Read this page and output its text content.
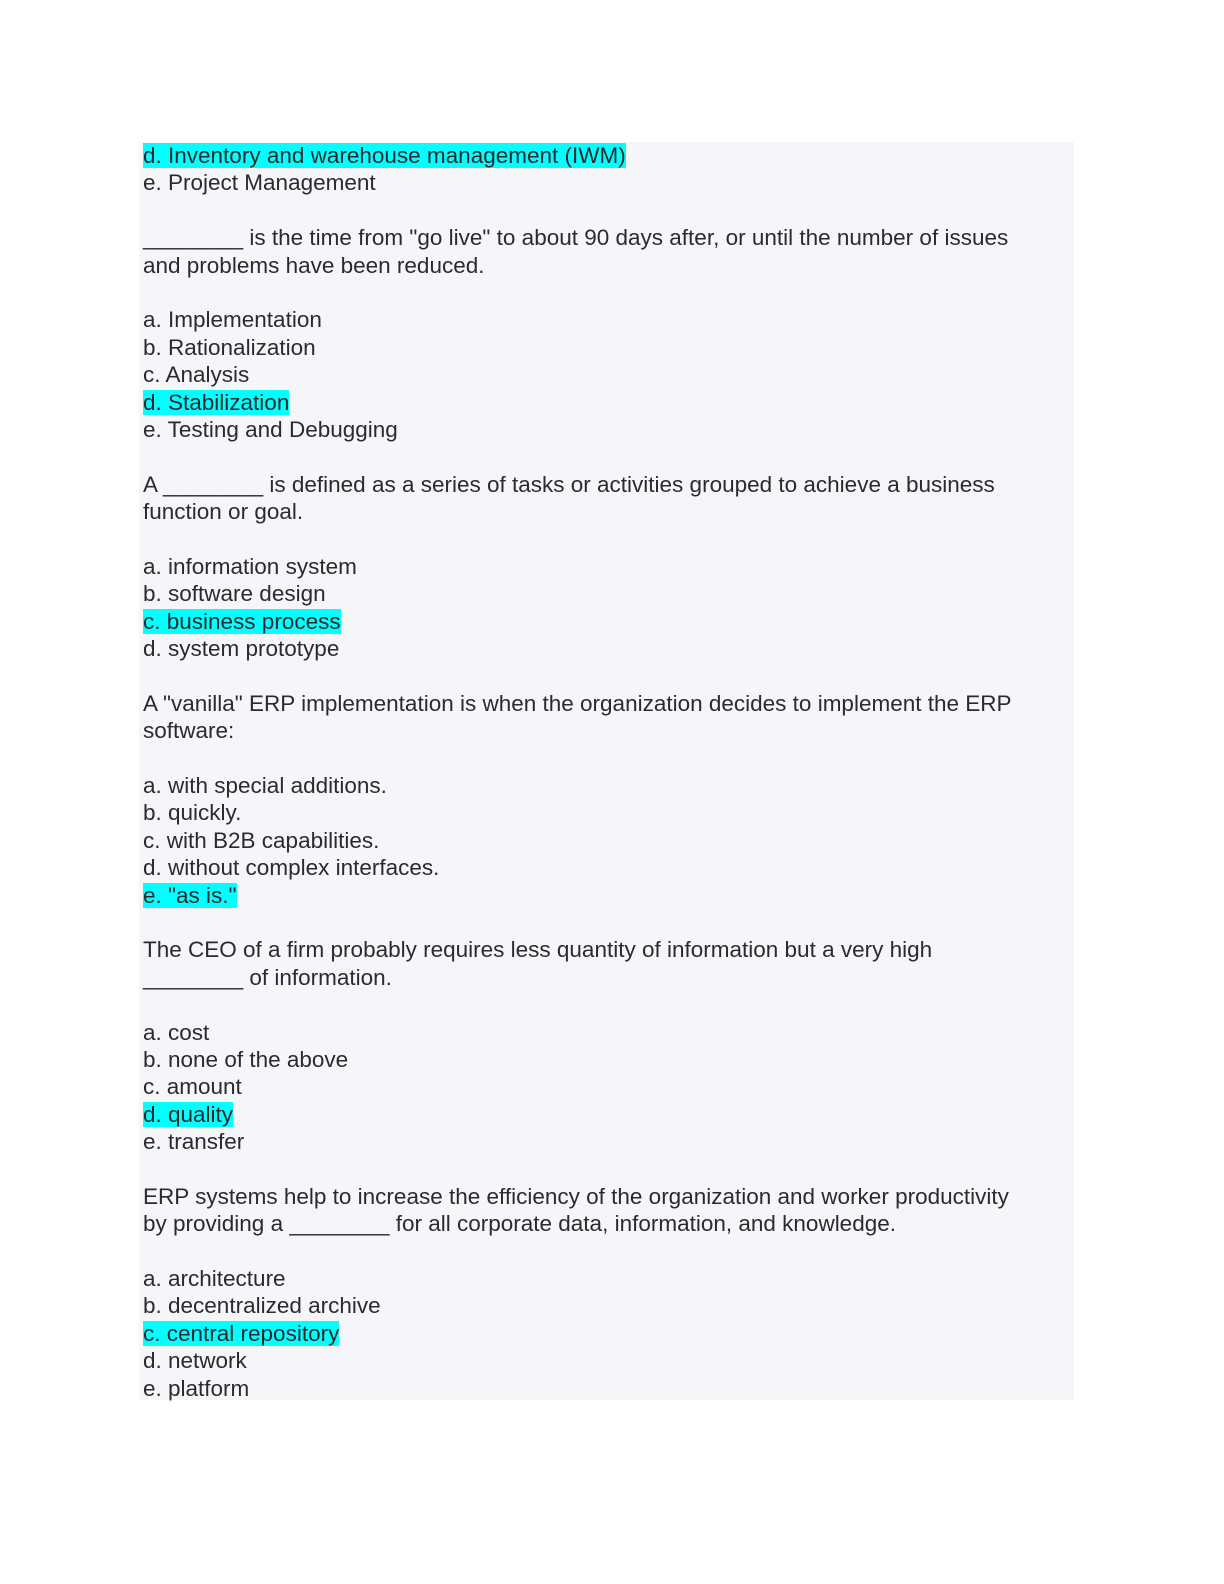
d. Inventory and warehouse management (IWM)
e. Project Management
________ is the time from "go live" to about 90 days after, or until the number of issues
and problems have been reduced.
a. Implementation
b. Rationalization
c. Analysis
d. Stabilization
e. Testing and Debugging
A ________ is defined as a series of tasks or activities grouped to achieve a business
function or goal.
a. information system
b. software design
c. business process
d. system prototype
A "vanilla" ERP implementation is when the organization decides to implement the ERP
software:
a. with special additions.
b. quickly.
c. with B2B capabilities.
d. without complex interfaces.
e. "as is."
The CEO of a firm probably requires less quantity of information but a very high
________ of information.
a. cost
b. none of the above
c. amount
d. quality
e. transfer
ERP systems help to increase the efficiency of the organization and worker productivity
by providing a ________ for all corporate data, information, and knowledge.
a. architecture
b. decentralized archive
c. central repository
d. network
e. platform
